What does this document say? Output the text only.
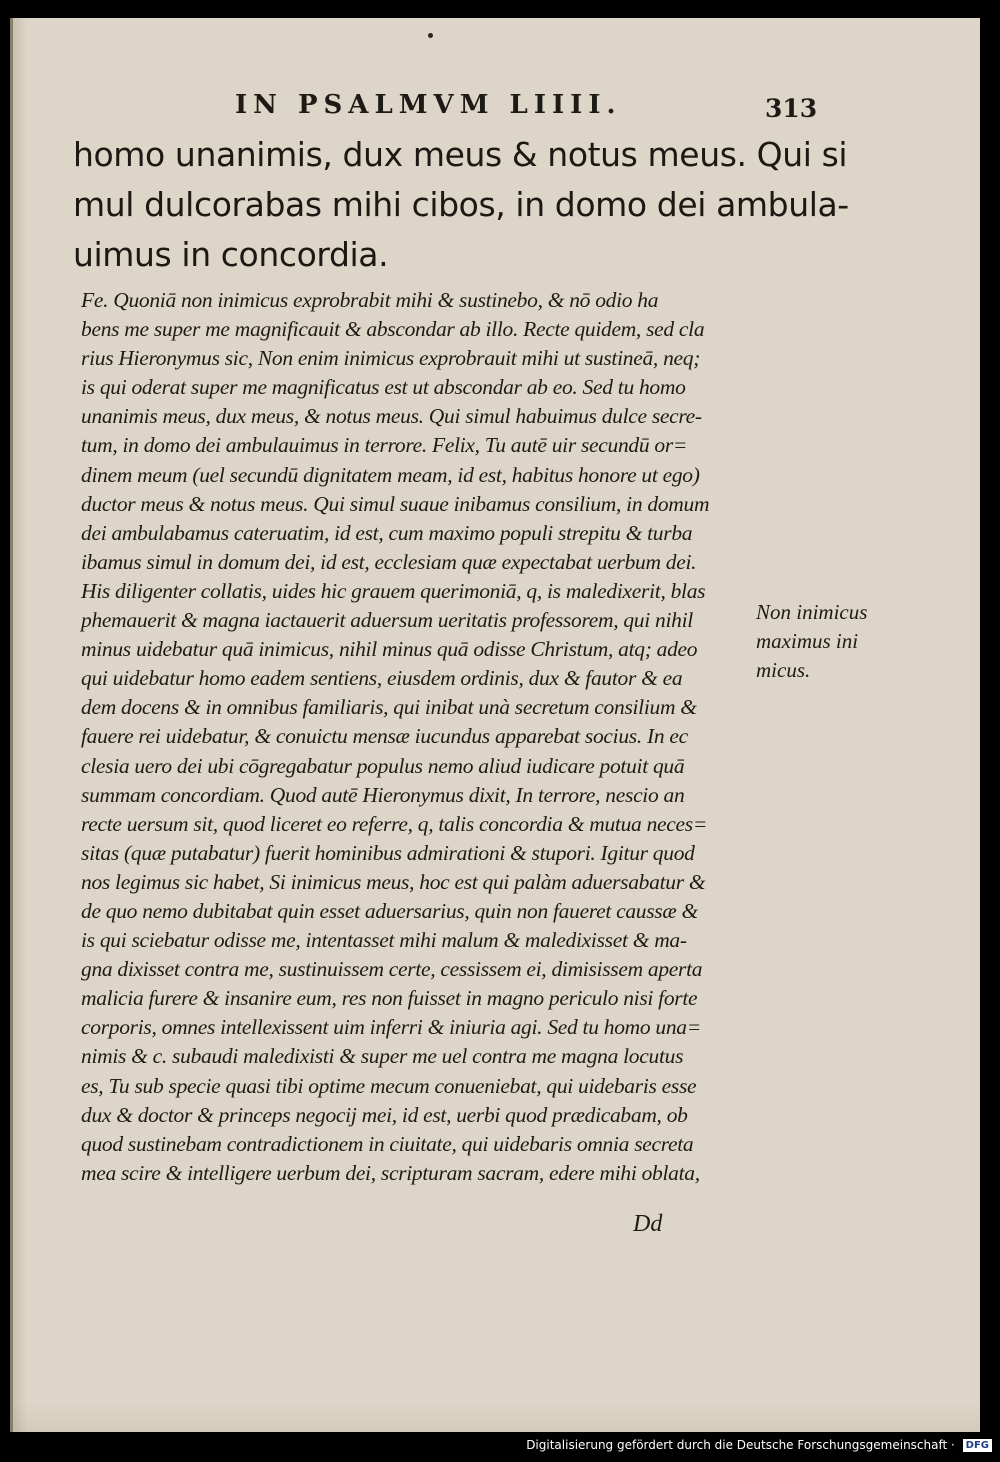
IN PSALMVM LIIII.	313
homo unanimis, dux meus & notus meus. Qui si
mul dulcorabas mihi cibos, in domo dei ambula-
uimus in concordia.
Fe. Quoniā non inimicus exprobrabit mihi & sustinebo, & nō odio ha
bens me super me magnificauit & abscondar ab illo. Recte quidem, sed cla
rius Hieronymus sic, Non enim inimicus exprobrauit mihi ut sustineā, neq;
is qui oderat super me magnificatus est ut abscondar ab eo. Sed tu homo
unanimis meus, dux meus, & notus meus. Qui simul habuimus dulce secre-
tum, in domo dei ambulauimus in terrore. Felix, Tu autē uir secundū or=
dinem meum (uel secundū dignitatem meam, id est, habitus honore ut ego)
ductor meus & notus meus. Qui simul suaue inibamus consilium, in domum
dei ambulabamus cateruatim, id est, cum maximo populi strepitu & turba
ibamus simul in domum dei, id est, ecclesiam quæ expectabat uerbum dei.
His diligenter collatis, uides hic grauem querimoniā, q, is maledixerit, blas
phemauerit & magna iactauerit aduersum ueritatis professorem, qui nihil
minus uidebatur quā inimicus, nihil minus quā odisse Christum, atq; adeo
qui uidebatur homo eadem sentiens, eiusdem ordinis, dux & fautor & ea
dem docens & in omnibus familiaris, qui inibat unà secretum consilium &
fauere rei uidebatur, & conuictu mensæ iucundus apparebat socius. In ec
clesia uero dei ubi cōgregabatur populus nemo aliud iudicare potuit quā
summam concordiam. Quod autē Hieronymus dixit, In terrore, nescio an
recte uersum sit, quod liceret eo referre, q, talis concordia & mutua neces=
sitas (quæ putabatur) fuerit hominibus admirationi & stupori. Igitur quod
nos legimus sic habet, Si inimicus meus, hoc est qui palàm aduersabatur &
de quo nemo dubitabat quin esset aduersarius, quin non faueret caussæ &
is qui sciebatur odisse me, intentasset mihi malum & maledixisset & ma-
gna dixisset contra me, sustinuissem certe, cessissem ei, dimisissem aperta
malicia furere & insanire eum, res non fuisset in magno periculo nisi forte
corporis, omnes intellexissent uim inferri & iniuria agi. Sed tu homo una=
nimis & c. subaudi maledixisti & super me uel contra me magna locutus
es, Tu sub specie quasi tibi optime mecum conueniebat, qui uidebaris esse
dux & doctor & princeps negocij mei, id est, uerbi quod prædicabam, ob
quod sustinebam contradictionem in ciuitate, qui uidebaris omnia secreta
mea scire & intelligere uerbum dei, scripturam sacram, edere mihi oblata,
Non inimicus
maximus ini
micus.
Dd
Digitalisierung gefördert durch die Deutsche Forschungsgemeinschaft · DFG
